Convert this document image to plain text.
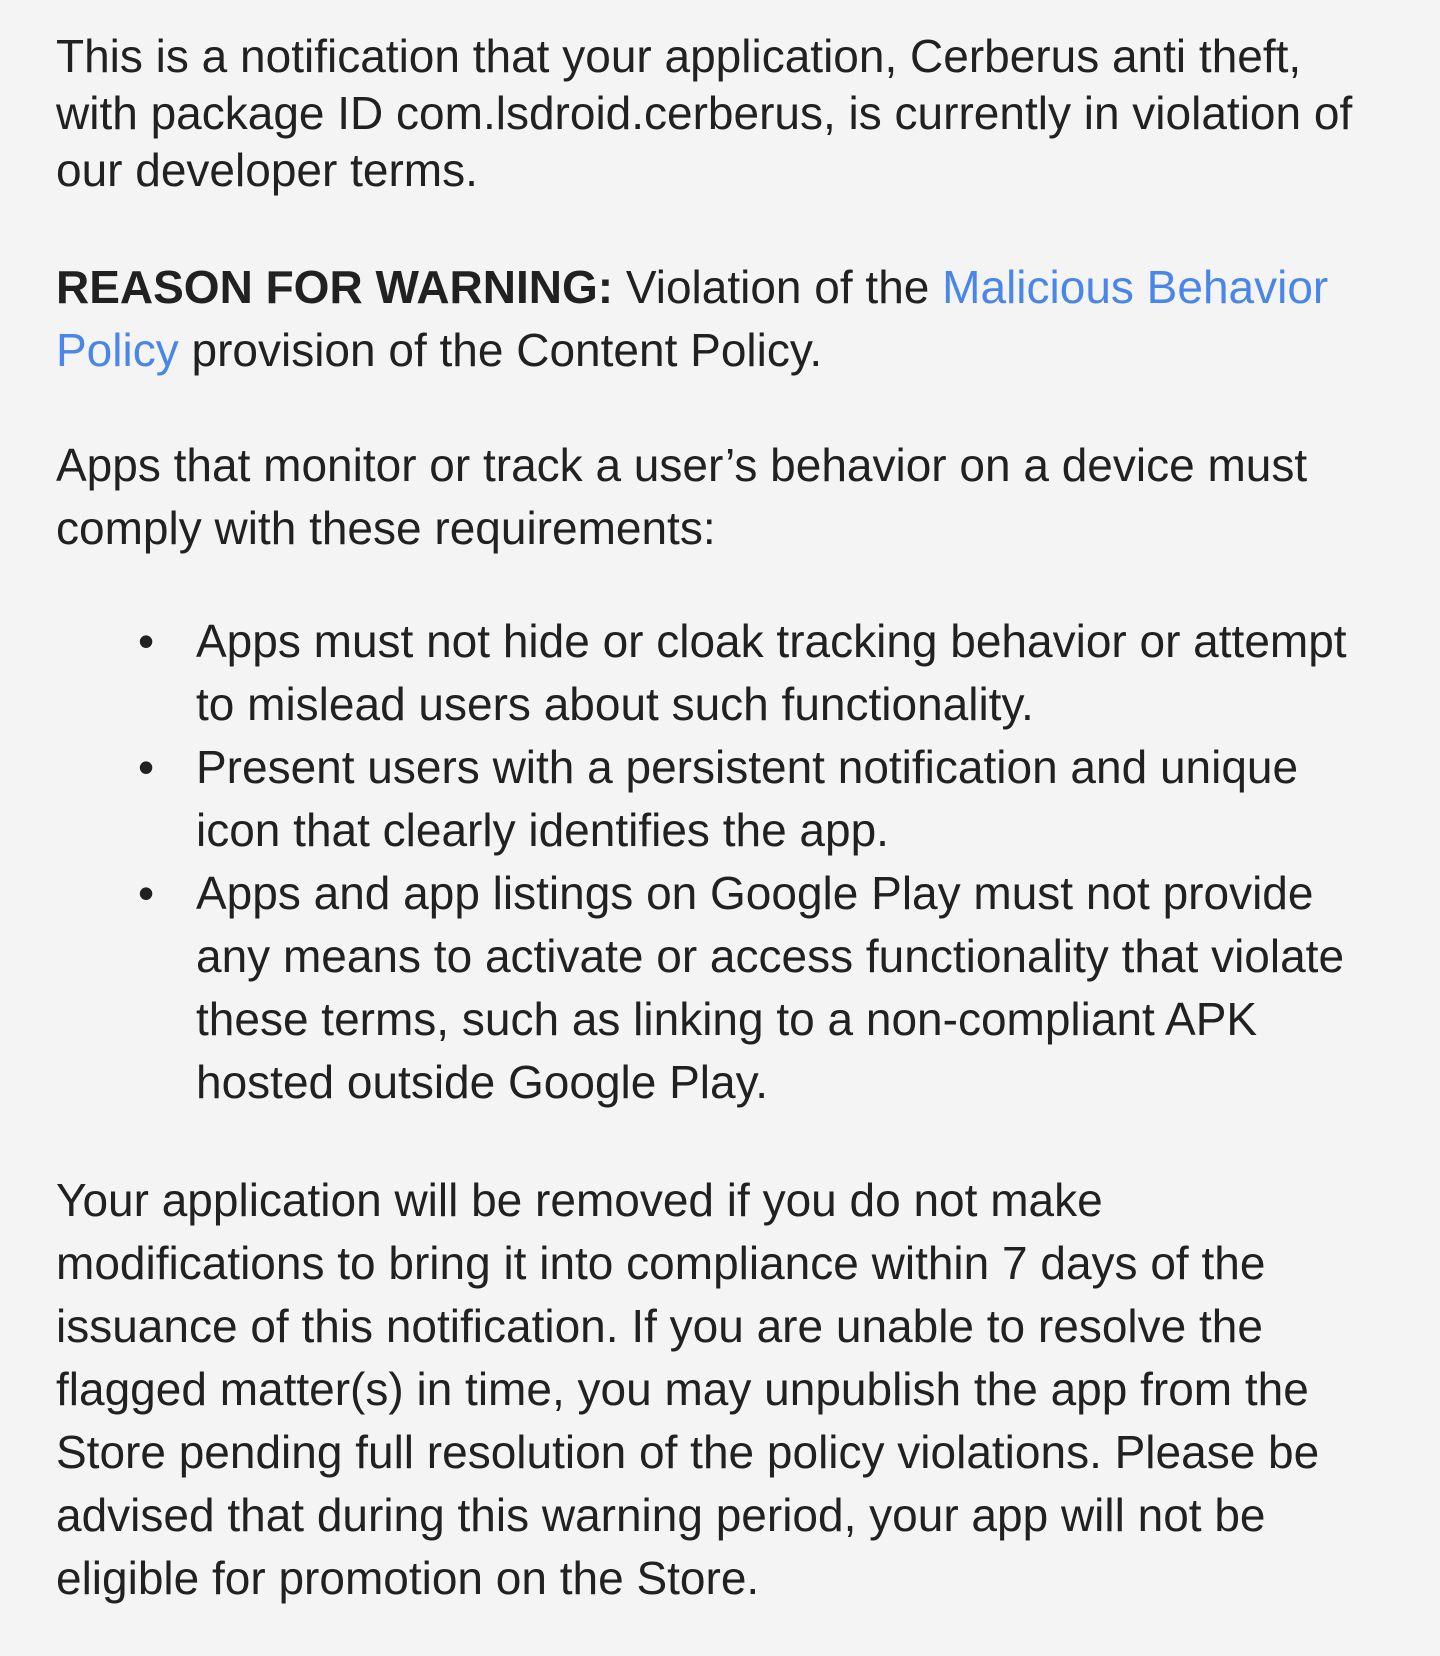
This is a notification that your application, Cerberus anti theft, with package ID com.lsdroid.cerberus, is currently in violation of our developer terms.

REASON FOR WARNING: Violation of the Malicious Behavior Policy provision of the Content Policy.

Apps that monitor or track a user’s behavior on a device must comply with these requirements:

• Apps must not hide or cloak tracking behavior or attempt to mislead users about such functionality.
• Present users with a persistent notification and unique icon that clearly identifies the app.
• Apps and app listings on Google Play must not provide any means to activate or access functionality that violate these terms, such as linking to a non-compliant APK hosted outside Google Play.

Your application will be removed if you do not make modifications to bring it into compliance within 7 days of the issuance of this notification. If you are unable to resolve the flagged matter(s) in time, you may unpublish the app from the Store pending full resolution of the policy violations. Please be advised that during this warning period, your app will not be eligible for promotion on the Store.
